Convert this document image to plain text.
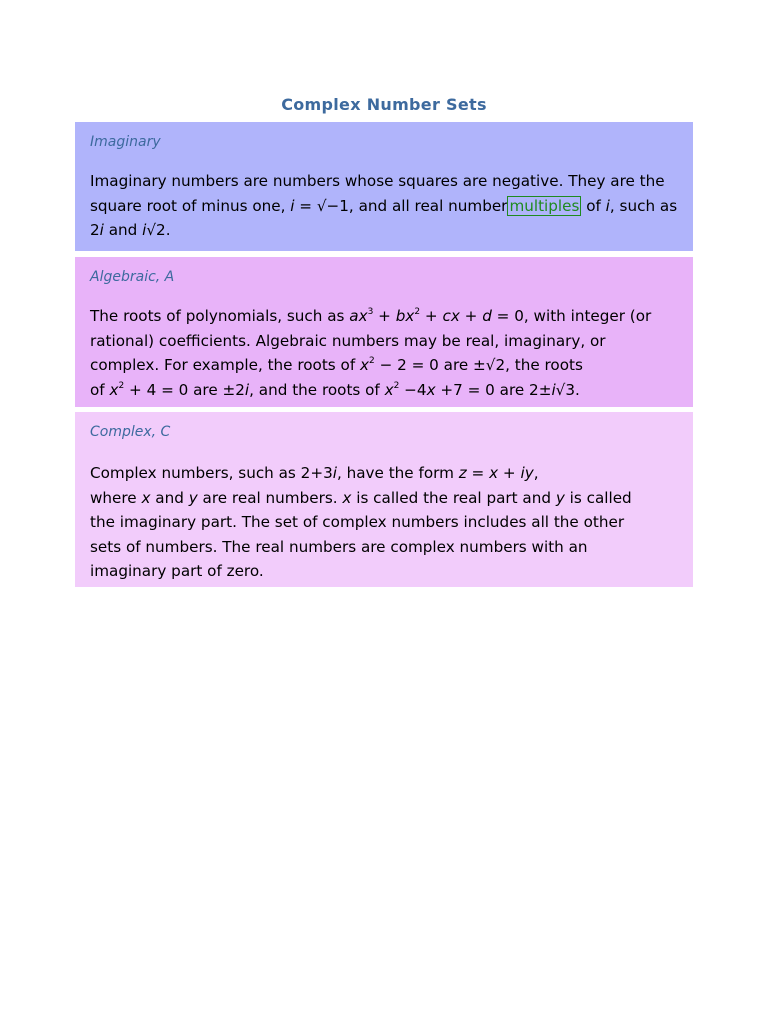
Complex Number Sets
Imaginary
Imaginary numbers are numbers whose squares are negative. They are the
square root of minus one, i = √−1, and all real number multiples of i, such as
2i and i√2.
Algebraic, A
The roots of polynomials, such as $ax^3 + bx^2$ + cx + d = 0, with integer (or
rational) coefficients. Algebraic numbers may be real, imaginary, or
complex. For example, the roots of $x^2 - 2 = 0$ are ±√2, the roots
of $x^2 + 4 = 0$ are ±2i, and the roots of $x^2 -4x +7 = 0$ are 2±i√3.
Complex, C
Complex numbers, such as 2+3i, have the form z = x + iy,
where x and y are real numbers. x is called the real part and y is called
the imaginary part. The set of complex numbers includes all the other
sets of numbers. The real numbers are complex numbers with an
imaginary part of zero.
